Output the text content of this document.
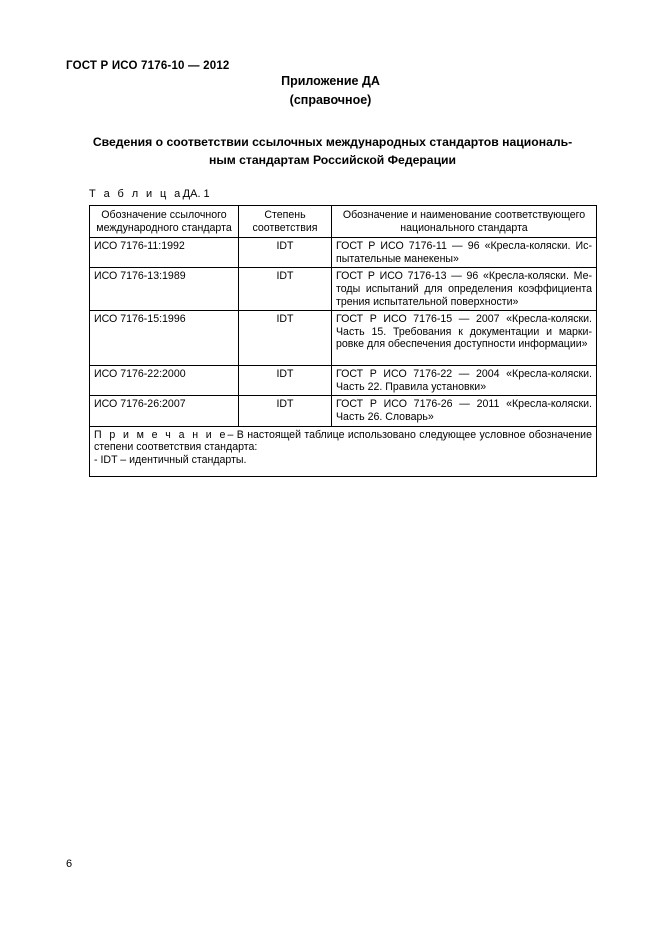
ГОСТ Р ИСО 7176-10 — 2012
Приложение ДА
(справочное)
Сведения о соответствии ссылочных международных стандартов националь-
ным стандартам Российской Федерации
Т а б л и ц аДА. 1
Обозначение ссылочного международного стандарта	Степень соответствия	Обозначение и наименование соответствующего национального стандарта
ИСО 7176-11:1992	IDT	ГОСТ Р ИСО 7176-11 — 96 «Кресла-коляски. Испытательные манекены»
ИСО 7176-13:1989	IDT	ГОСТ Р ИСО 7176-13 — 96 «Кресла-коляски. Методы испытаний для определения коэффициента трения испытательной поверхности»
ИСО 7176-15:1996	IDT	ГОСТ Р ИСО 7176-15 — 2007 «Кресла-коляски. Часть 15. Требования к документации и маркировке для обеспечения доступности информации»
ИСО 7176-22:2000	IDT	ГОСТ Р ИСО 7176-22 — 2004 «Кресла-коляски. Часть 22. Правила установки»
ИСО 7176-26:2007	IDT	ГОСТ Р ИСО 7176-26 — 2011 «Кресла-коляски. Часть 26. Словарь»
П р и м е ч а н и е– В настоящей таблице использовано следующее условное обозначение степени соответствия стандарта:
- IDT – идентичный стандарты.		
6
